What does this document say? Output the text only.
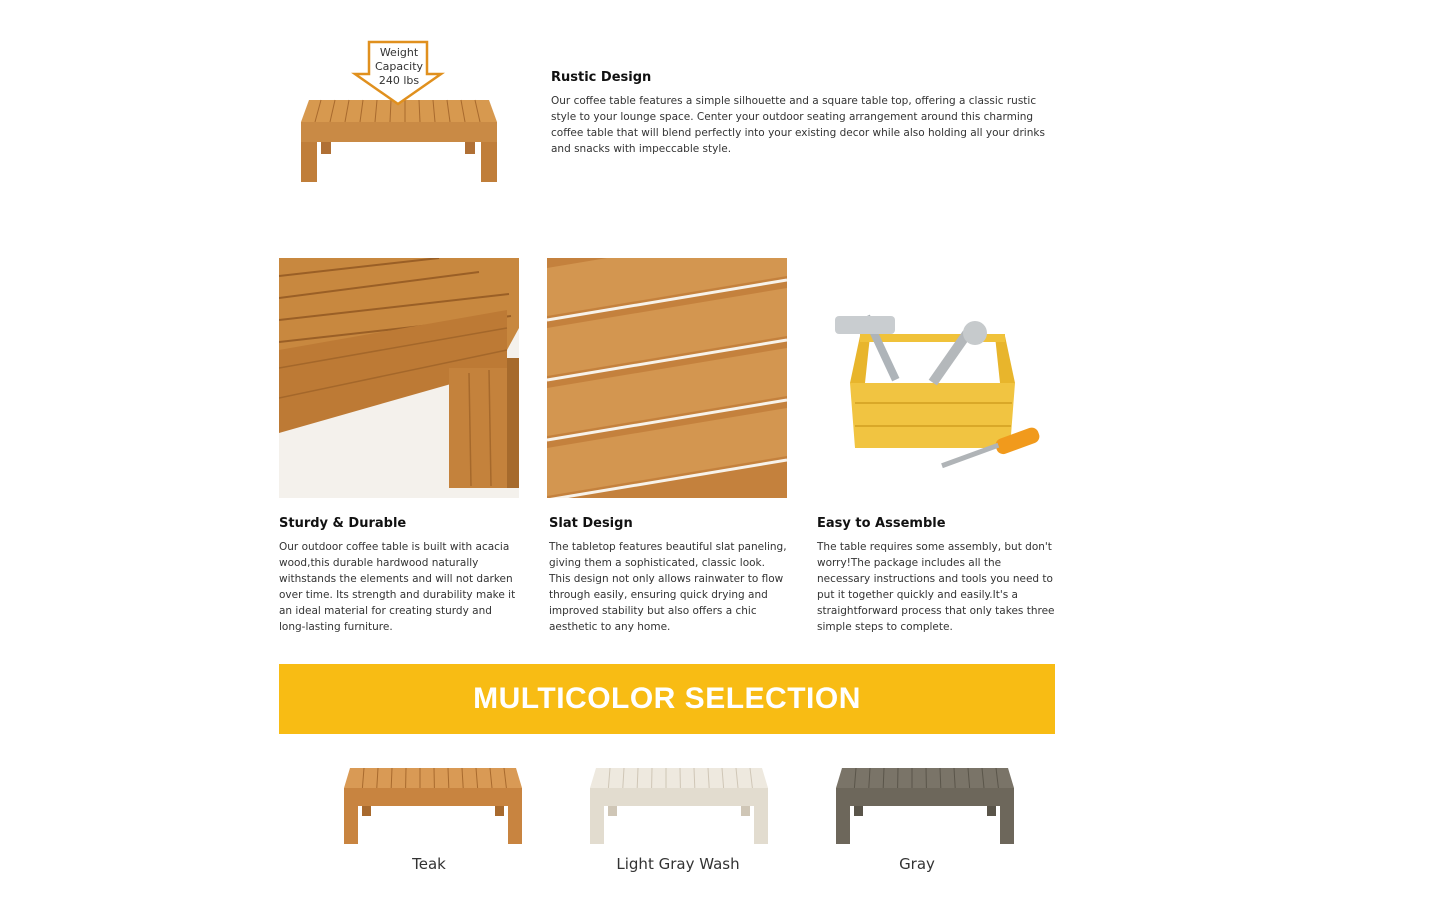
Weight
Capacity
240 lbs	Rustic Design

Our coffee table features a simple silhouette and a square table top, offering a classic rustic style to your lounge space. Center your outdoor seating arrangement around this charming coffee table that will blend perfectly into your existing decor while also holding all your drinks and snacks with impeccable style.

Sturdy & Durable

Our outdoor coffee table is built with acacia wood,this durable hardwood naturally withstands the elements and will not darken over time. Its strength and durability make it an ideal material for creating sturdy and long-lasting furniture.

Slat Design

The tabletop features beautiful slat paneling, giving them a sophisticated, classic look. This design not only allows rainwater to flow through easily, ensuring quick drying and improved stability but also offers a chic aesthetic to any home.

Easy to Assemble

The table requires some assembly, but don't worry!The package includes all the necessary instructions and tools you need to put it together quickly and easily.It's a straightforward process that only takes three simple steps to complete.

MULTICOLOR SELECTION
Teak	Light Gray Wash	Gray
